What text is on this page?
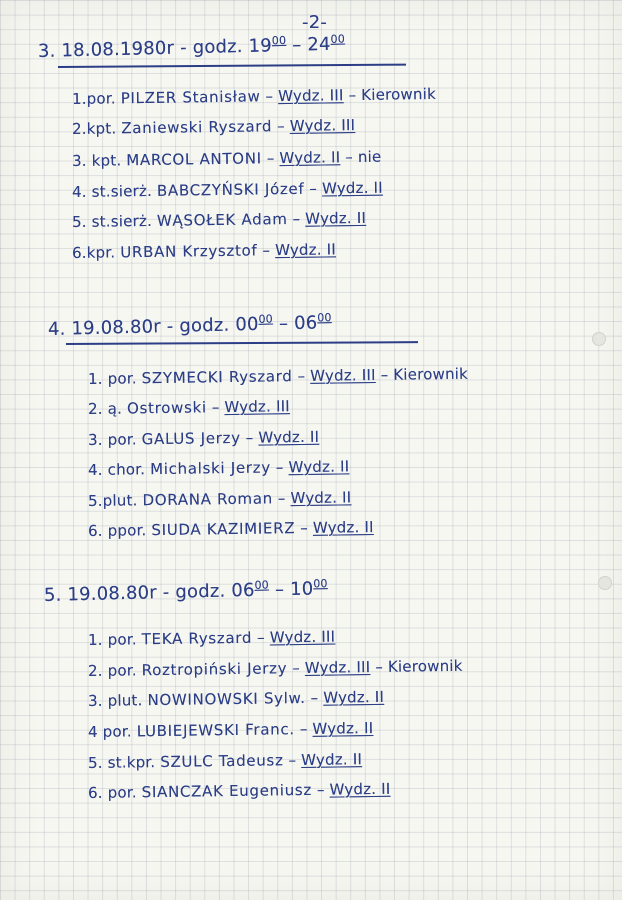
-2-
3. 18.08.1980r - godz. $19^{00} - 24^{00}$
1.por. PILZER Stanisław – Wydz. III – Kierownik
2.kpt. Zaniewski Ryszard – Wydz. III
3. kpt. MARCOL ANTONI – Wydz. II – nie
4. st.sierż. BABCZYŃSKI Józef – Wydz. II
5. st.sierż. WĄSOŁEK Adam – Wydz. II
6.kpr. URBAN Krzysztof – Wydz. II
4. 19.08.80r - godz. $00^{00} - 06^{00}$
1. por. SZYMECKI Ryszard – Wydz. III – Kierownik
2. ą. Ostrowski – Wydz. III
3. por. GALUS Jerzy – Wydz. II
4. chor. Michalski Jerzy – Wydz. II
5.plut. DORANA Roman – Wydz. II
6. ppor. SIUDA KAZIMIERZ – Wydz. II
5. 19.08.80r - godz. $06^{00} - 10^{00}$
1. por. TEKA Ryszard – Wydz. III
2. por. Roztropiński Jerzy – Wydz. III – Kierownik
3. plut. NOWINOWSKI Sylw. – Wydz. II
4 por. LUBIEJEWSKI Franc. – Wydz. II
5. st.kpr. SZULC Tadeusz – Wydz. II
6. por. SIANCZAK Eugeniusz – Wydz. II
